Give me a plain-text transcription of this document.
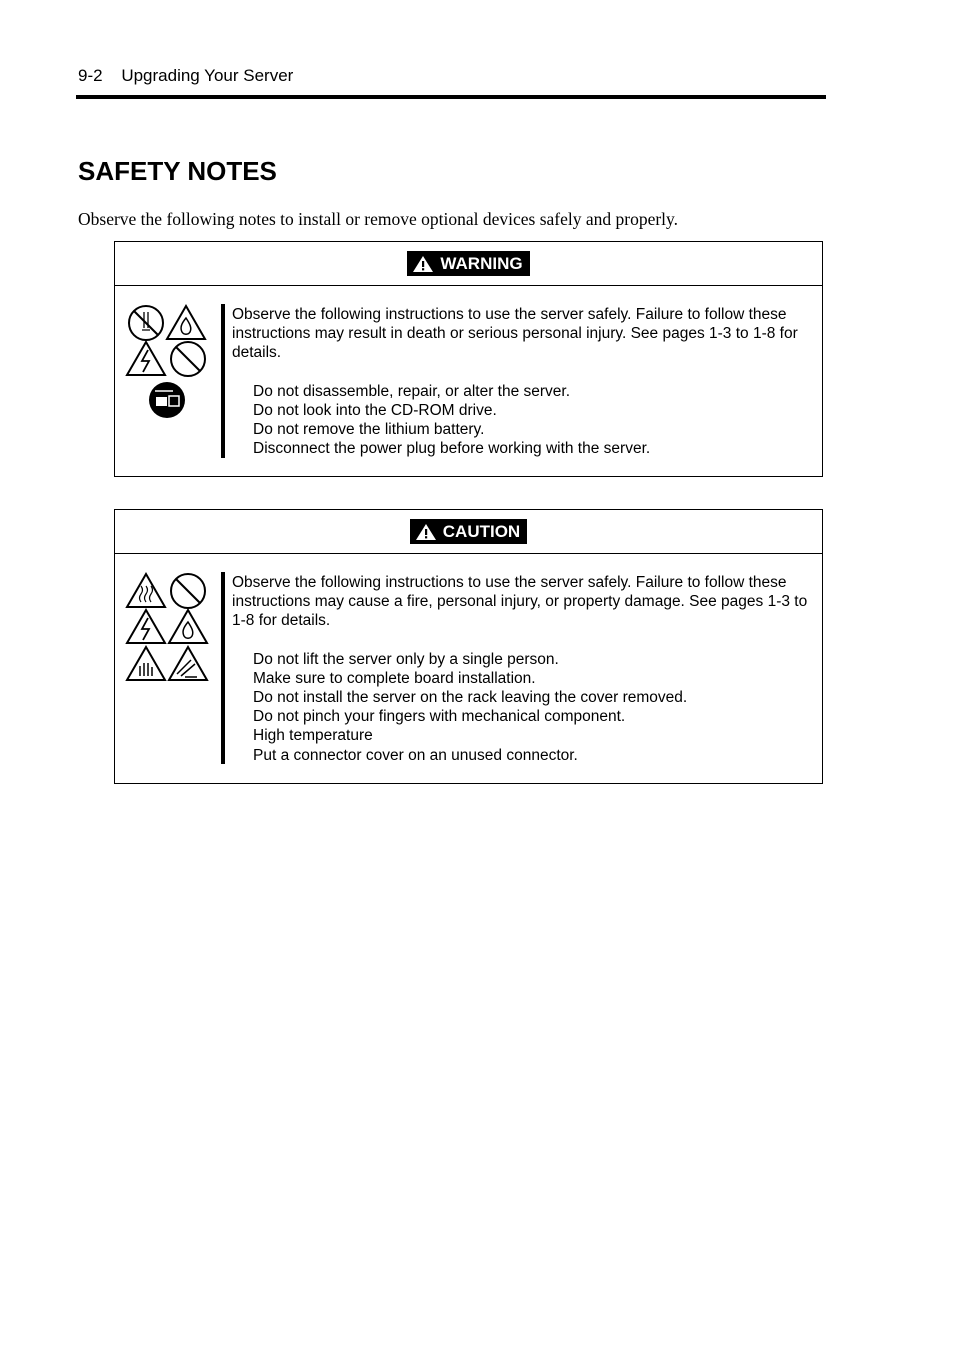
9-2 Upgrading Your Server
SAFETY NOTES

Observe the following notes to install or remove optional devices safely and properly.

WARNING

Observe the following instructions to use the server safely. Failure to follow these instructions may result in death or serious personal injury. See pages 1-3 to 1-8 for details.

Do not disassemble, repair, or alter the server.
Do not look into the CD-ROM drive.
Do not remove the lithium battery.
Disconnect the power plug before working with the server.
CAUTION

Observe the following instructions to use the server safely. Failure to follow these instructions may cause a fire, personal injury, or property damage. See pages 1-3 to 1-8 for details.

Do not lift the server only by a single person.
Make sure to complete board installation.
Do not install the server on the rack leaving the cover removed.
Do not pinch your fingers with mechanical component.
High temperature
Put a connector cover on an unused connector.
